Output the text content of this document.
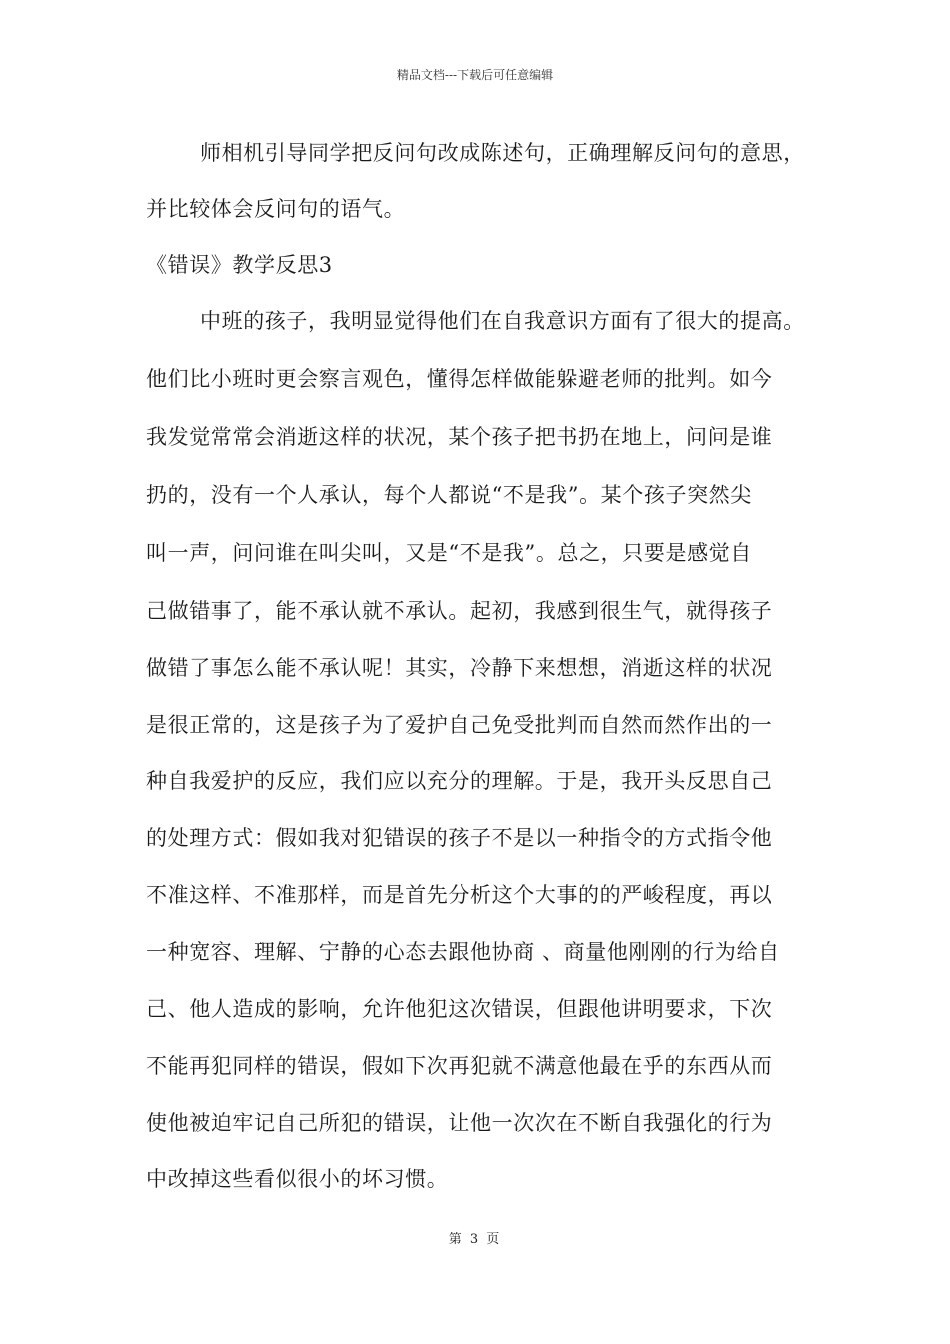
精品文档---下载后可任意编辑
师相机引导同学把反问句改成陈述句，正确理解反问句的意思，
并比较体会反问句的语气。
《错误》教学反思3
中班的孩子，我明显觉得他们在自我意识方面有了很大的提高。
他们比小班时更会察言观色，懂得怎样做能躲避老师的批判。如今
我发觉常常会消逝这样的状况，某个孩子把书扔在地上，问问是谁
扔的，没有一个人承认，每个人都说“不是我”。某个孩子突然尖
叫一声，问问谁在叫尖叫，又是“不是我”。总之，只要是感觉自
己做错事了，能不承认就不承认。起初，我感到很生气，就得孩子
做错了事怎么能不承认呢！其实，冷静下来想想，消逝这样的状况
是很正常的，这是孩子为了爱护自己免受批判而自然而然作出的一
种自我爱护的反应，我们应以充分的理解。于是，我开头反思自己
的处理方式：假如我对犯错误的孩子不是以一种指令的方式指令他
不准这样、不准那样，而是首先分析这个大事的的严峻程度，再以
一种宽容、理解、宁静的心态去跟他协商 、商量他刚刚的行为给自
己、他人造成的影响，允许他犯这次错误，但跟他讲明要求，下次
不能再犯同样的错误，假如下次再犯就不满意他最在乎的东西从而
使他被迫牢记自己所犯的错误，让他一次次在不断自我强化的行为
中改掉这些看似很小的坏习惯。
第 3 页
